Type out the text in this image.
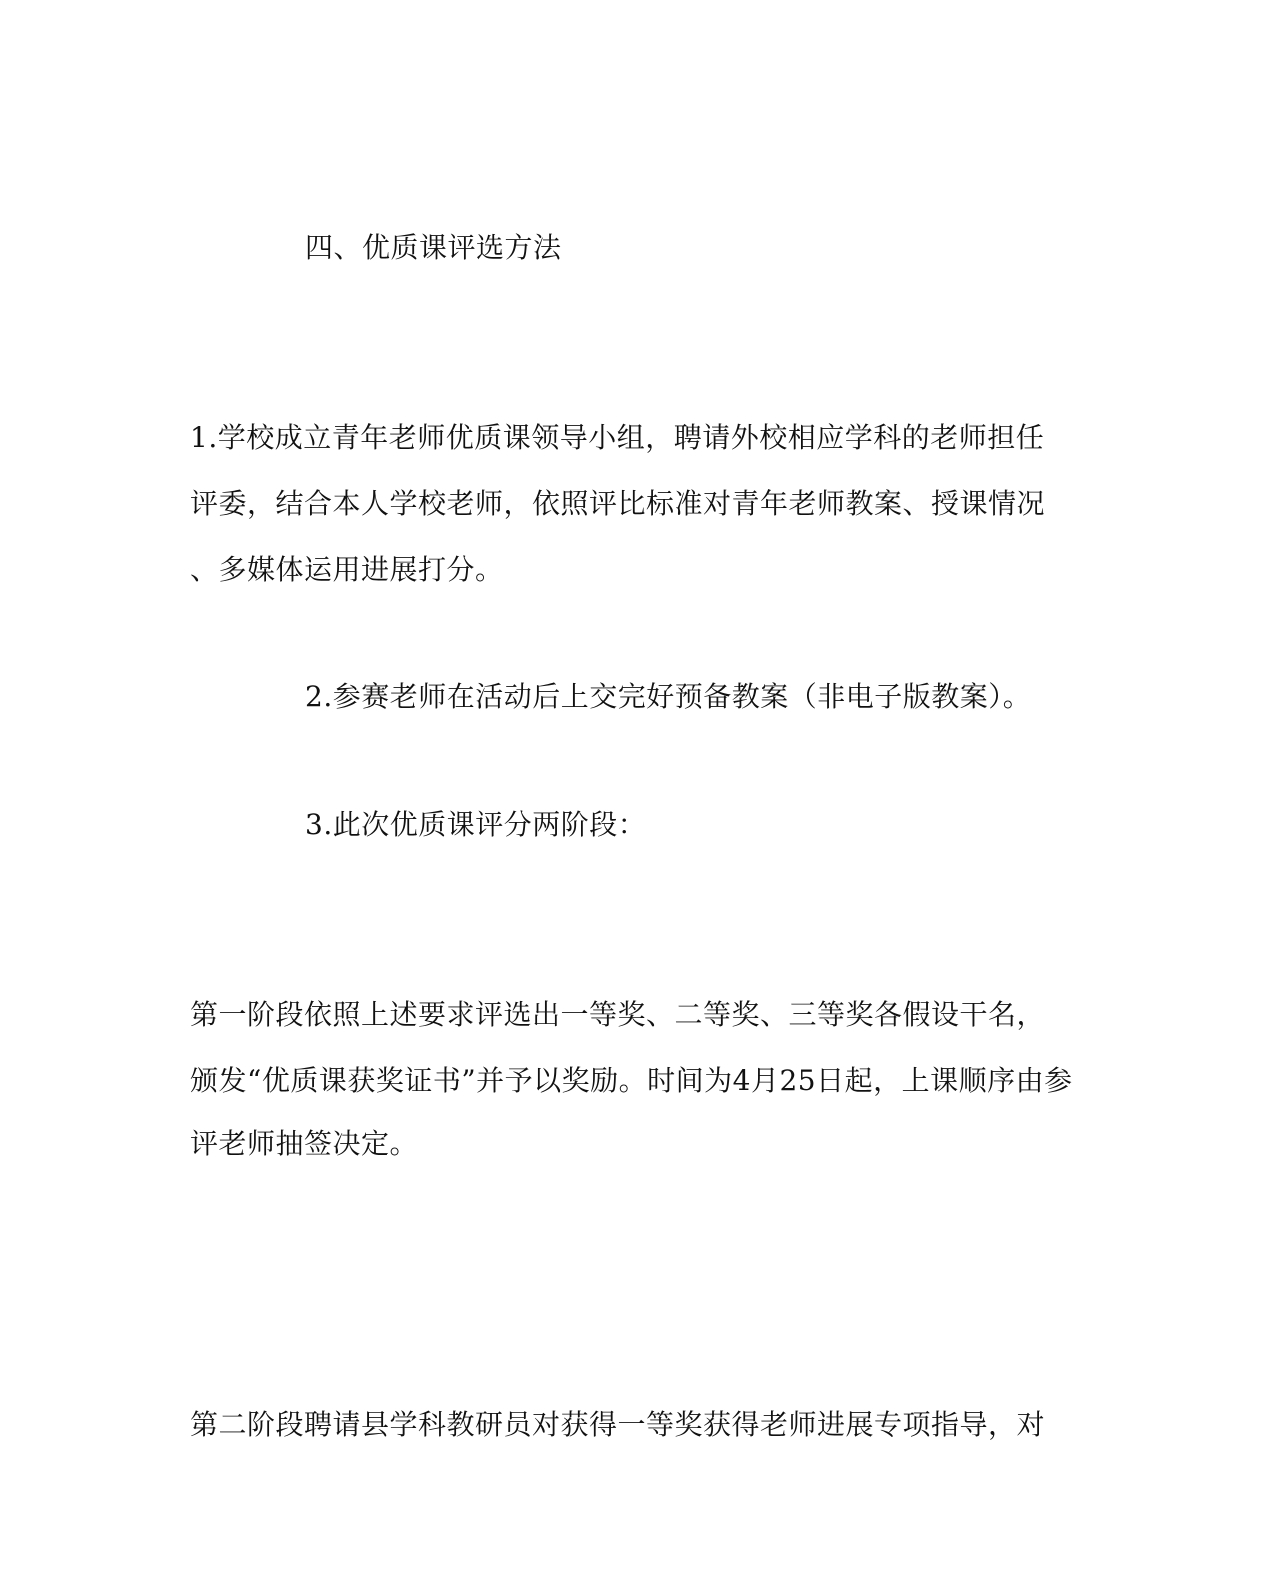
四、优质课评选方法

1.学校成立青年老师优质课领导小组，聘请外校相应学科的老师担任

评委，结合本人学校老师，依照评比标准对青年老师教案、授课情况

、多媒体运用进展打分。

2.参赛老师在活动后上交完好预备教案（非电子版教案）。

3.此次优质课评分两阶段：

第一阶段依照上述要求评选出一等奖、二等奖、三等奖各假设干名，

颁发“优质课获奖证书”并予以奖励。时间为4月25日起，上课顺序由参

评老师抽签决定。

第二阶段聘请县学科教研员对获得一等奖获得老师进展专项指导，对
